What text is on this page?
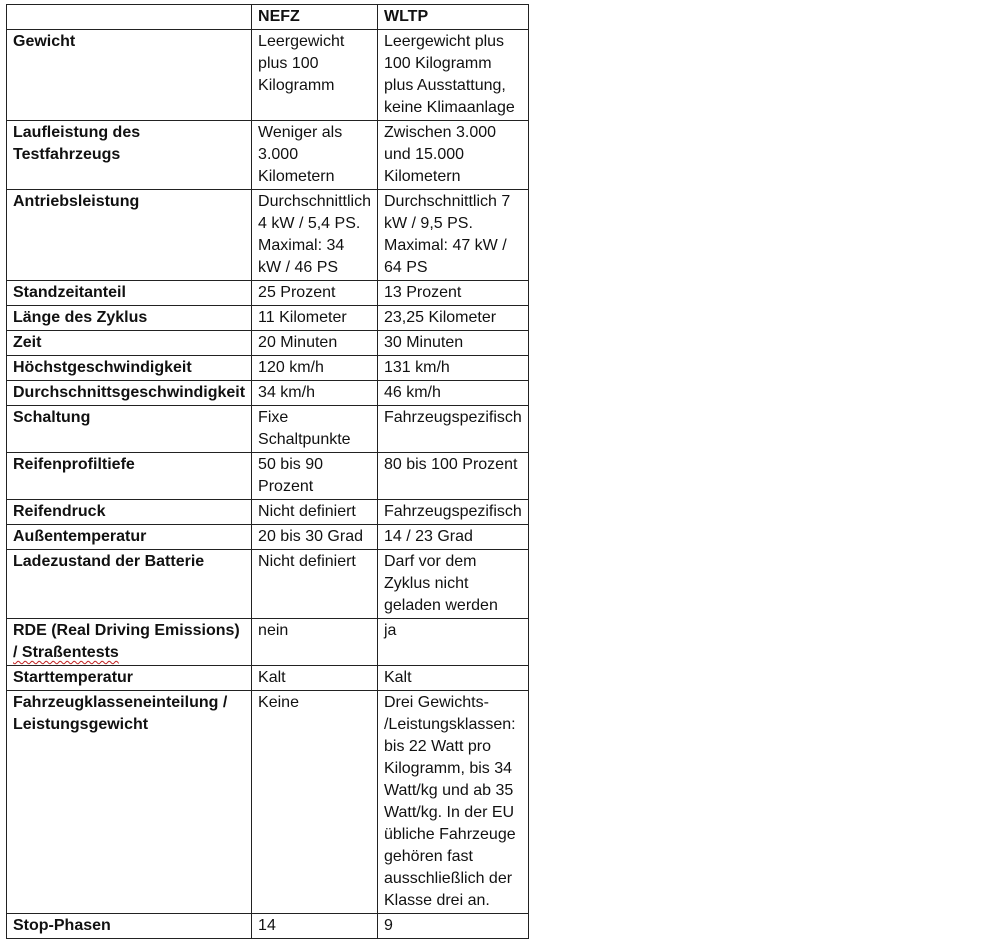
	NEFZ	WLTP
Gewicht	Leergewicht plus 100 Kilogramm	Leergewicht plus 100 Kilogramm plus Ausstattung, keine Klimaanlage
Laufleistung des Testfahrzeugs	Weniger als 3.000 Kilometern	Zwischen 3.000 und 15.000 Kilometern
Antriebsleistung	Durchschnittlich 4 kW / 5,4 PS. Maximal: 34 kW / 46 PS	Durchschnittlich 7 kW / 9,5 PS. Maximal: 47 kW / 64 PS
Standzeitanteil	25 Prozent	13 Prozent
Länge des Zyklus	11 Kilometer	23,25 Kilometer
Zeit	20 Minuten	30 Minuten
Höchstgeschwindigkeit	120 km/h	131 km/h
Durchschnittsgeschwindigkeit	34 km/h	46 km/h
Schaltung	Fixe Schaltpunkte	Fahrzeugspezifisch
Reifenprofiltiefe	50 bis 90 Prozent	80 bis 100 Prozent
Reifendruck	Nicht definiert	Fahrzeugspezifisch
Außentemperatur	20 bis 30 Grad	14 / 23 Grad
Ladezustand der Batterie	Nicht definiert	Darf vor dem Zyklus nicht geladen werden
RDE (Real Driving Emissions) / Straßentests	nein	ja
Starttemperatur	Kalt	Kalt
Fahrzeugklasseneinteilung / Leistungsgewicht	Keine	Drei Gewichts- /Leistungsklassen: bis 22 Watt pro Kilogramm, bis 34 Watt/kg und ab 35 Watt/kg. In der EU übliche Fahrzeuge gehören fast ausschließlich der Klasse drei an.
Stop-Phasen	14	9
